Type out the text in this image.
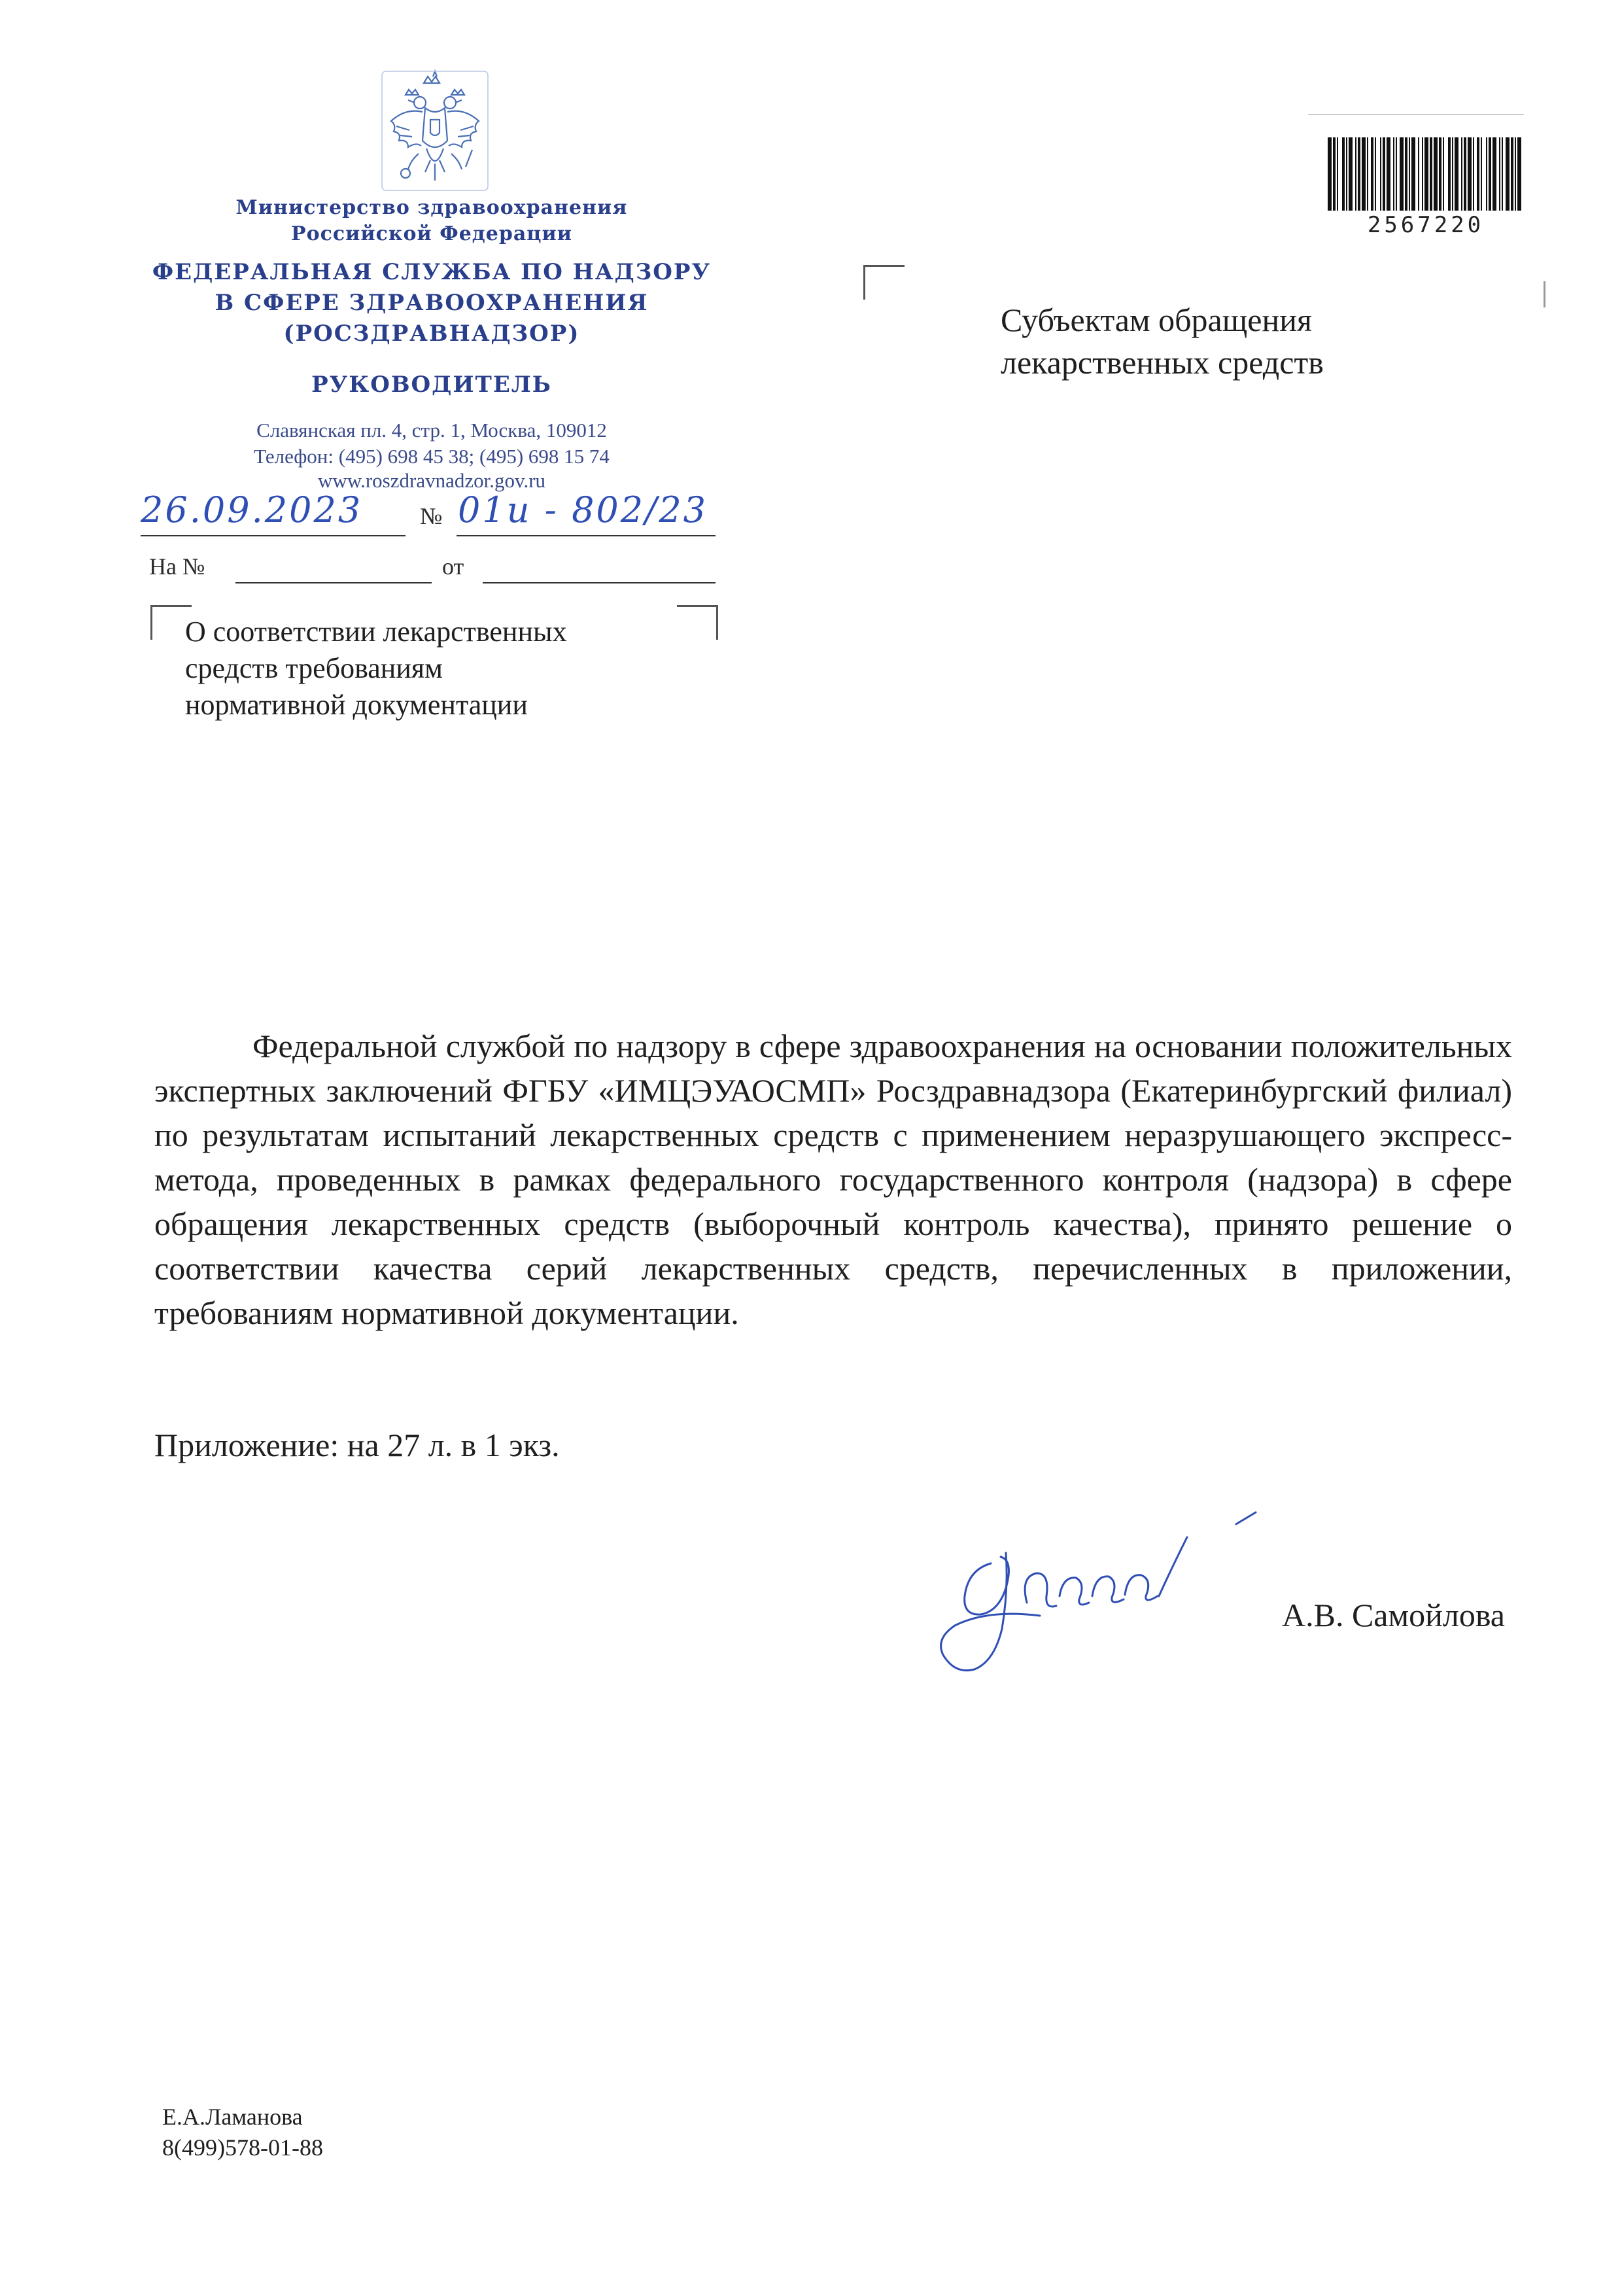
Министерство здравоохранения
Российской Федерации
ФЕДЕРАЛЬНАЯ СЛУЖБА ПО НАДЗОРУ
В СФЕРЕ ЗДРАВООХРАНЕНИЯ
(РОСЗДРАВНАДЗОР)
РУКОВОДИТЕЛЬ
Славянская пл. 4, стр. 1, Москва, 109012
Телефон: (495) 698 45 38; (495) 698 15 74
www.roszdravnadzor.gov.ru
26.09.2023 № 01и - 802/23
На №	от
О соответствии лекарственных
средств требованиям
нормативной документации
2567220
Субъектам обращения
лекарственных средств
Федеральной службой по надзору в сфере здравоохранения на основании положительных экспертных заключений ФГБУ «ИМЦЭУАОСМП» Росздравнадзора (Екатеринбургский филиал) по результатам испытаний лекарственных средств с применением неразрушающего экспресс-метода, проведенных в рамках федерального государственного контроля (надзора) в сфере обращения лекарственных средств (выборочный контроль качества), принято решение о соответствии качества серий лекарственных средств, перечисленных в приложении, требованиям нормативной документации.
Приложение: на 27 л. в 1 экз.
А.В. Самойлова
Е.А.Ламанова
8(499)578-01-88
